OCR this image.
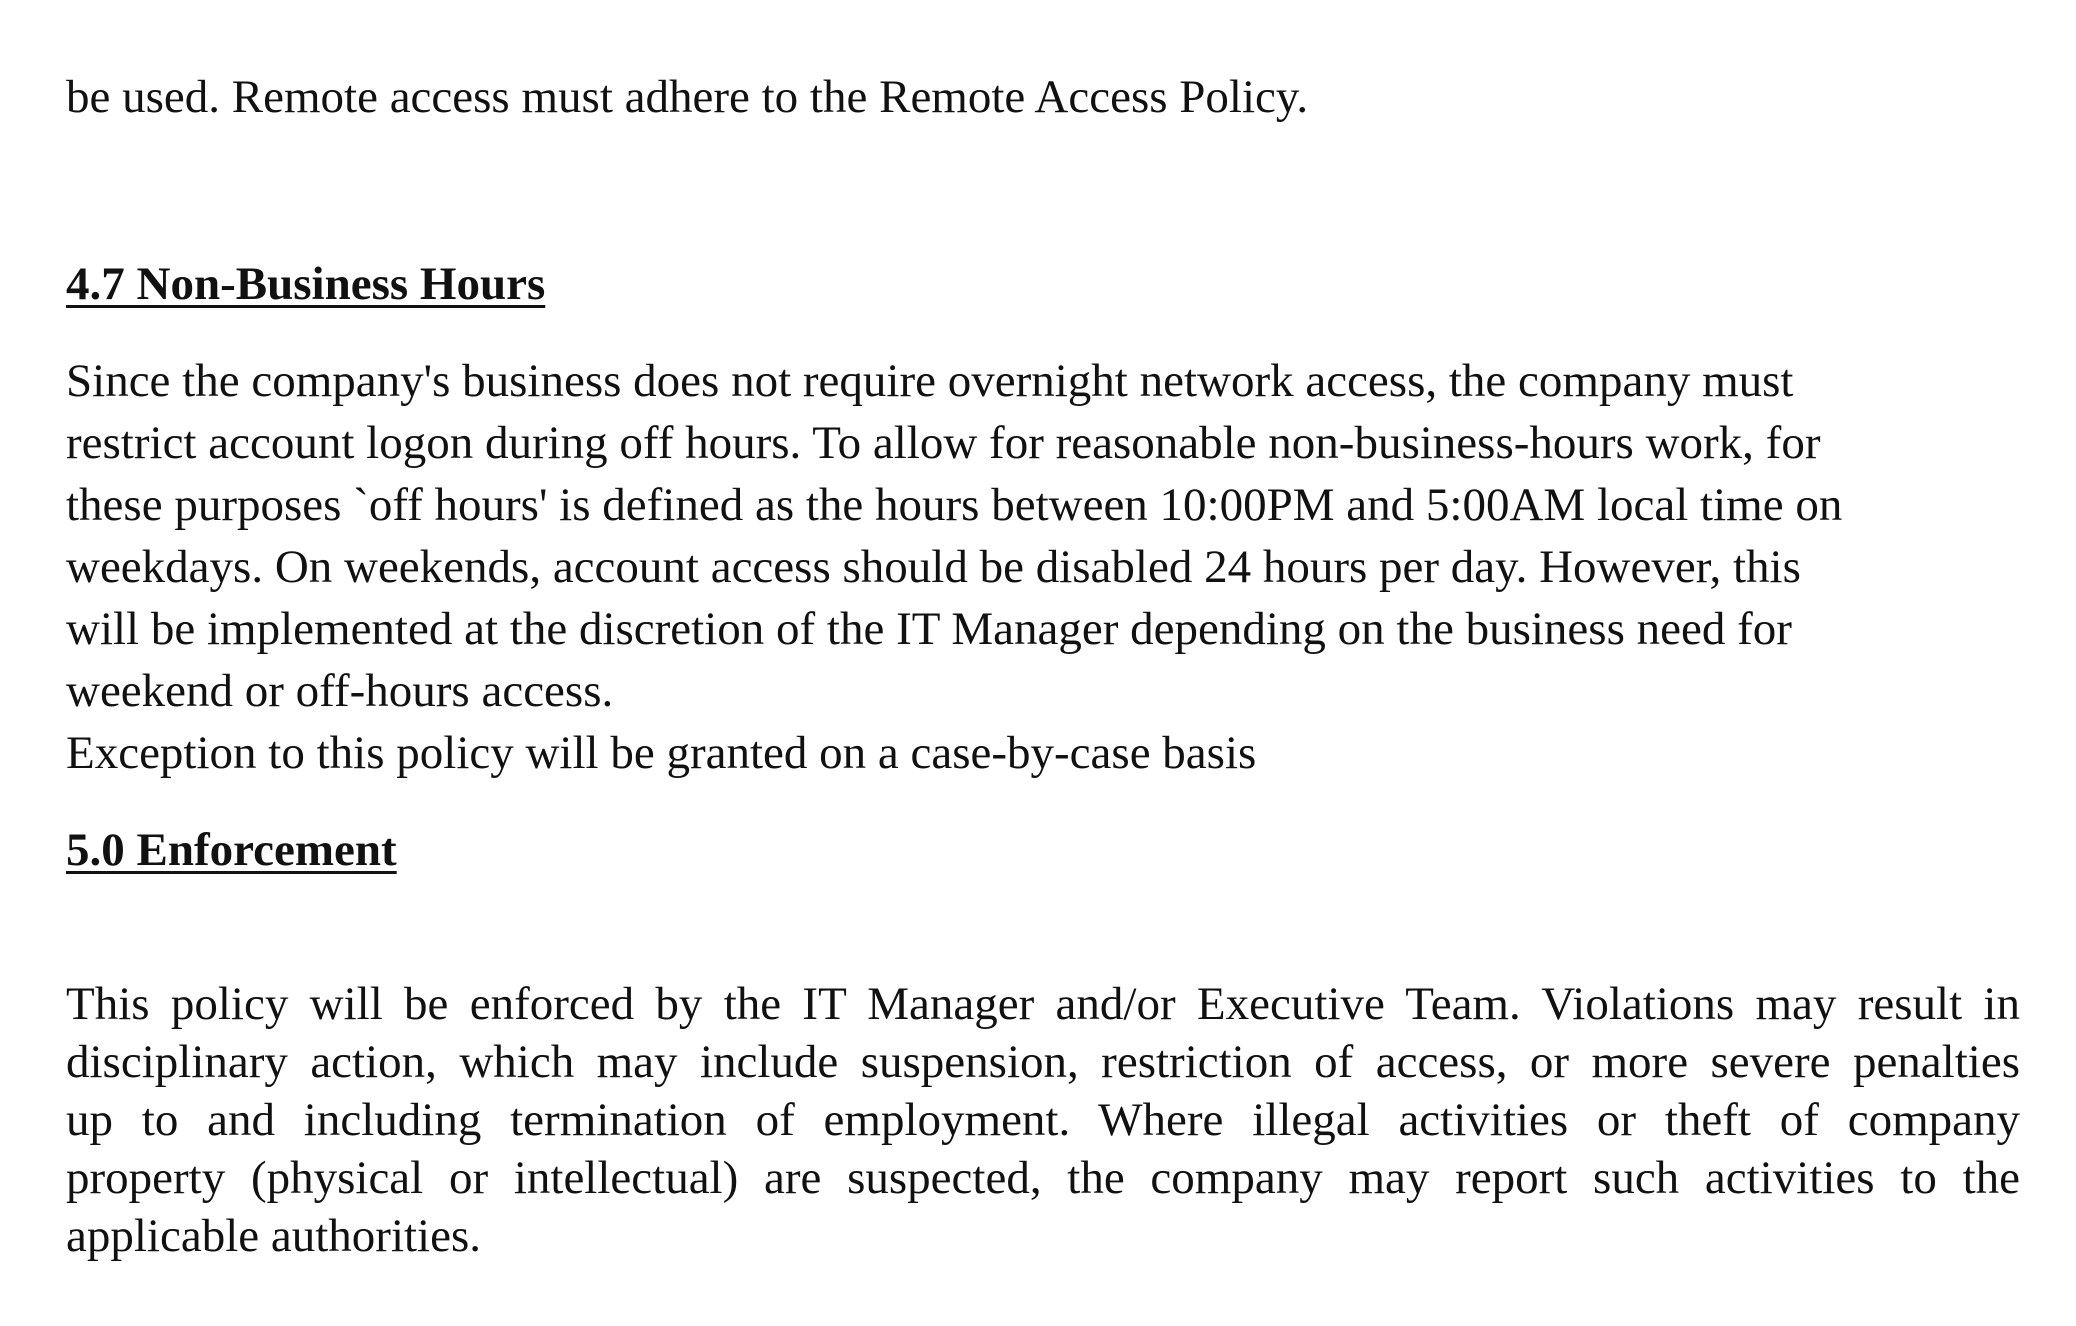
be used. Remote access must adhere to the Remote Access Policy.

4.7 Non-Business Hours

Since the company's business does not require overnight network access, the company must

restrict account logon during off hours. To allow for reasonable non-business-hours work, for

these purposes `off hours' is defined as the hours between 10:00PM and 5:00AM local time on

weekdays. On weekends, account access should be disabled 24 hours per day. However, this

will be implemented at the discretion of the IT Manager depending on the business need for

weekend or off-hours access.

Exception to this policy will be granted on a case-by-case basis

5.0 Enforcement

This policy will be enforced by the IT Manager and/or Executive Team. Violations may result in

disciplinary action, which may include suspension, restriction of access, or more severe penalties

up to and including termination of employment. Where illegal activities or theft of company

property (physical or intellectual) are suspected, the company may report such activities to the

applicable authorities.
